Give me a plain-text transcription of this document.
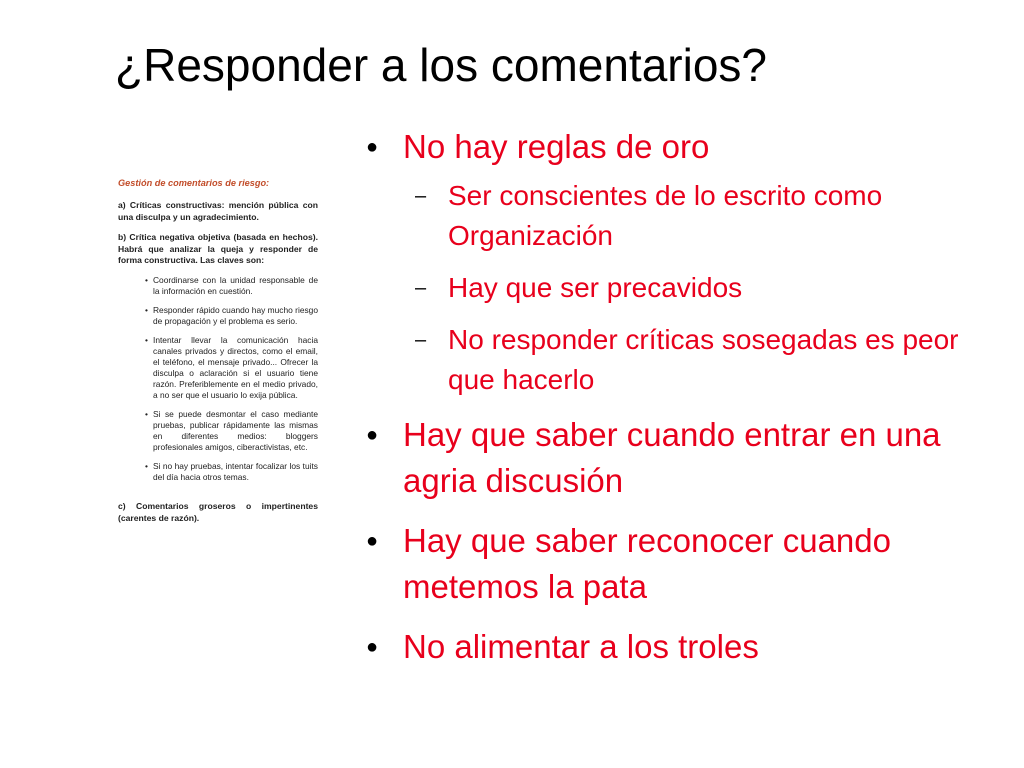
¿Responder a los comentarios?
Gestión de comentarios de riesgo:
a) Críticas constructivas: mención pública con una disculpa y un agradecimiento.
b) Crítica negativa objetiva (basada en hechos). Habrá que analizar la queja y responder de forma constructiva. Las claves son:
• Coordinarse con la unidad responsable de la información en cuestión.
• Responder rápido cuando hay mucho riesgo de propagación y el problema es serio.
• Intentar llevar la comunicación hacia canales privados y directos, como el email, el teléfono, el mensaje privado... Ofrecer la disculpa o aclaración si el usuario tiene razón. Preferiblemente en el medio privado, a no ser que el usuario lo exija pública.
• Si se puede desmontar el caso mediante pruebas, publicar rápidamente las mismas en diferentes medios: bloggers profesionales amigos, ciberactivistas, etc.
• Si no hay pruebas, intentar focalizar los tuits del día hacia otros temas.
c) Comentarios groseros o impertinentes (carentes de razón).
● No hay reglas de oro
– Ser conscientes de lo escrito como Organización
– Hay que ser precavidos
– No responder críticas sosegadas es peor que hacerlo
● Hay que saber cuando entrar en una agria discusión
● Hay que saber reconocer cuando metemos la pata
● No alimentar a los troles
